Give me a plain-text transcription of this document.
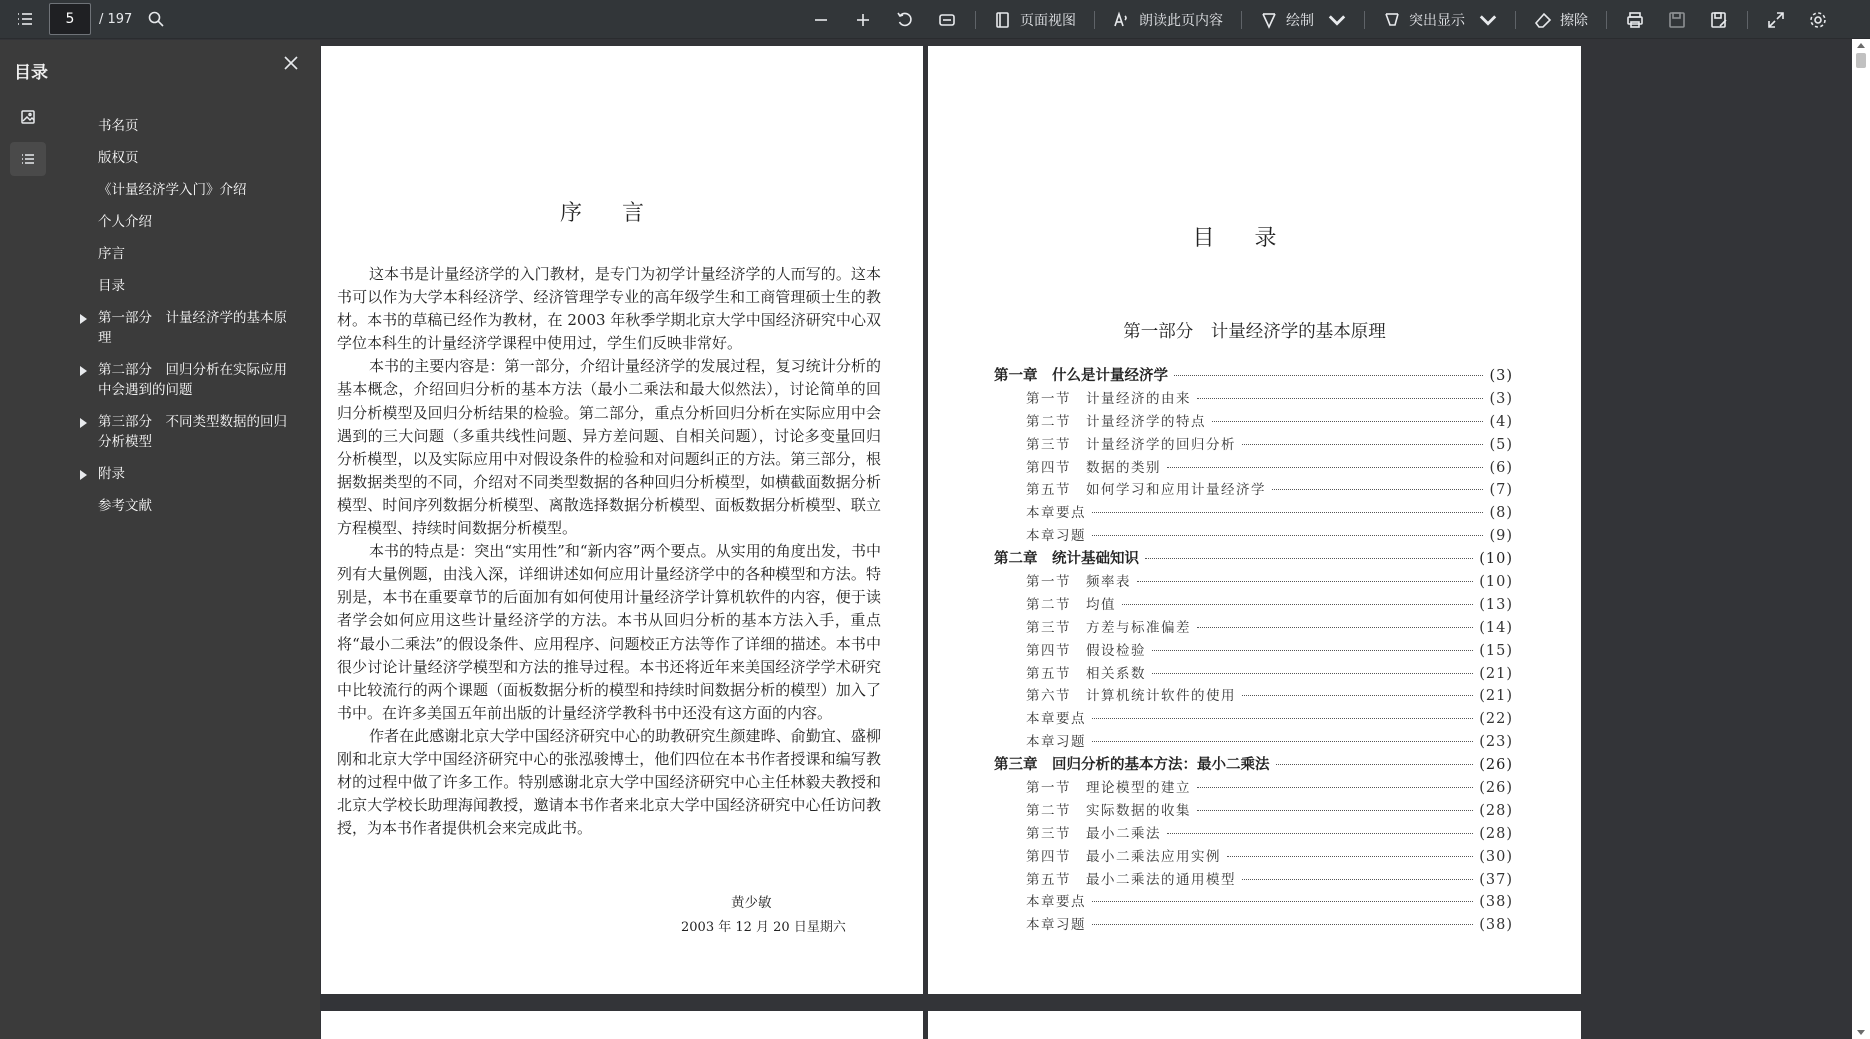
5	/ 197	页面视图	朗读此页内容	绘制	突出显示	擦除
目录
书名页
版权页
《计量经济学入门》介绍
个人介绍
序言
目录
第一部分　计量经济学的基本原理
第二部分　回归分析在实际应用 中会遇到的问题
第三部分　不同类型数据的回归 分析模型
附录
参考文献
序言

这本书是计量经济学的入门教材，是专门为初学计量经济学的人而写的。这本书可以作为大学本科经济学、经济管理学专业的高年级学生和工商管理硕士生的教材。本书的草稿已经作为教材，在 2003 年秋季学期北京大学中国经济研究中心双学位本科生的计量经济学课程中使用过，学生们反映非常好。

本书的主要内容是：第一部分，介绍计量经济学的发展过程，复习统计分析的基本概念，介绍回归分析的基本方法（最小二乘法和最大似然法），讨论简单的回归分析模型及回归分析结果的检验。第二部分，重点分析回归分析在实际应用中会遇到的三大问题（多重共线性问题、异方差问题、自相关问题），讨论多变量回归分析模型，以及实际应用中对假设条件的检验和对问题纠正的方法。第三部分，根据数据类型的不同，介绍对不同类型数据的各种回归分析模型，如横截面数据分析模型、时间序列数据分析模型、离散选择数据分析模型、面板数据分析模型、联立方程模型、持续时间数据分析模型。

本书的特点是：突出“实用性”和“新内容”两个要点。从实用的角度出发，书中列有大量例题，由浅入深，详细讲述如何应用计量经济学中的各种模型和方法。特别是，本书在重要章节的后面加有如何使用计量经济学计算机软件的内容，便于读者学会如何应用这些计量经济学的方法。本书从回归分析的基本方法入手，重点将“最小二乘法”的假设条件、应用程序、问题校正方法等作了详细的描述。本书中很少讨论计量经济学模型和方法的推导过程。本书还将近年来美国经济学学术研究中比较流行的两个课题（面板数据分析的模型和持续时间数据分析的模型）加入了书中。在许多美国五年前出版的计量经济学教科书中还没有这方面的内容。

作者在此感谢北京大学中国经济研究中心的助教研究生颜建晔、俞勤宜、盛柳刚和北京大学中国经济研究中心的张泓骏博士，他们四位在本书作者授课和编写教材的过程中做了许多工作。特别感谢北京大学中国经济研究中心主任林毅夫教授和北京大学校长助理海闻教授，邀请本书作者来北京大学中国经济研究中心任访问教授，为本书作者提供机会来完成此书。

黄少敏
2003 年 12 月 20 日星期六
目录
第一部分　计量经济学的基本原理
第一章　什么是计量经济学	(3)
第一节　计量经济的由来	(3)
第二节　计量经济学的特点	(4)
第三节　计量经济学的回归分析	(5)
第四节　数据的类别	(6)
第五节　如何学习和应用计量经济学	(7)
本章要点	(8)
本章习题	(9)
第二章　统计基础知识	(10)
第一节　频率表	(10)
第二节　均值	(13)
第三节　方差与标准偏差	(14)
第四节　假设检验	(15)
第五节　相关系数	(21)
第六节　计算机统计软件的使用	(21)
本章要点	(22)
本章习题	(23)
第三章　回归分析的基本方法：最小二乘法	(26)
第一节　理论模型的建立	(26)
第二节　实际数据的收集	(28)
第三节　最小二乘法	(28)
第四节　最小二乘法应用实例	(30)
第五节　最小二乘法的通用模型	(37)
本章要点	(38)
本章习题	(38)
